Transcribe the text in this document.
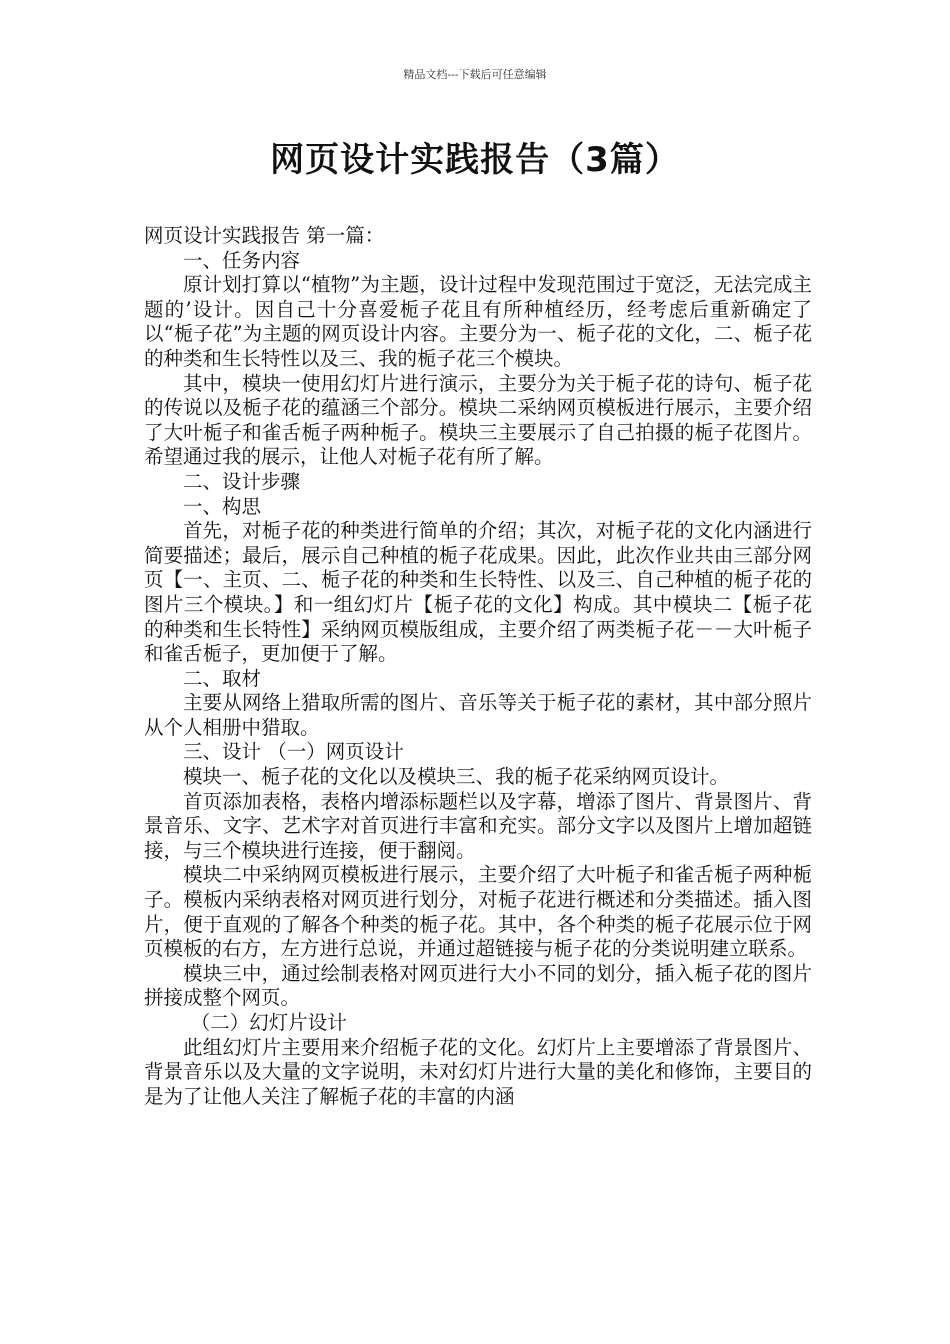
精品文档---下载后可任意编辑
网页设计实践报告（3篇）

网页设计实践报告 第一篇：

一、任务内容

原计划打算以“植物”为主题，设计过程中发现范围过于宽泛，无法完成主题的’设计。因自己十分喜爱栀子花且有所种植经历，经考虑后重新确定了以“栀子花”为主题的网页设计内容。主要分为一、栀子花的文化，二、栀子花的种类和生长特性以及三、我的栀子花三个模块。

其中，模块一使用幻灯片进行演示，主要分为关于栀子花的诗句、栀子花的传说以及栀子花的蕴涵三个部分。模块二采纳网页模板进行展示，主要介绍了大叶栀子和雀舌栀子两种栀子。模块三主要展示了自己拍摄的栀子花图片。希望通过我的展示，让他人对栀子花有所了解。

二、设计步骤

一、构思

首先，对栀子花的种类进行简单的介绍；其次，对栀子花的文化内涵进行简要描述；最后，展示自己种植的栀子花成果。因此，此次作业共由三部分网页【一、主页、二、栀子花的种类和生长特性、以及三、自己种植的栀子花的图片三个模块。】和一组幻灯片【栀子花的文化】构成。其中模块二【栀子花的种类和生长特性】采纳网页模版组成，主要介绍了两类栀子花－－大叶栀子和雀舌栀子，更加便于了解。

二、取材

主要从网络上猎取所需的图片、音乐等关于栀子花的素材，其中部分照片从个人相册中猎取。

三、设计 （一）网页设计

模块一、栀子花的文化以及模块三、我的栀子花采纳网页设计。

首页添加表格，表格内增添标题栏以及字幕，增添了图片、背景图片、背景音乐、文字、艺术字对首页进行丰富和充实。部分文字以及图片上增加超链接，与三个模块进行连接，便于翻阅。

模块二中采纳网页模板进行展示，主要介绍了大叶栀子和雀舌栀子两种栀子。模板内采纳表格对网页进行划分，对栀子花进行概述和分类描述。插入图片，便于直观的了解各个种类的栀子花。其中，各个种类的栀子花展示位于网页模板的右方，左方进行总说，并通过超链接与栀子花的分类说明建立联系。

模块三中，通过绘制表格对网页进行大小不同的划分，插入栀子花的图片拼接成整个网页。

（二）幻灯片设计

此组幻灯片主要用来介绍栀子花的文化。幻灯片上主要增添了背景图片、背景音乐以及大量的文字说明，未对幻灯片进行大量的美化和修饰，主要目的是为了让他人关注了解栀子花的丰富的内涵
